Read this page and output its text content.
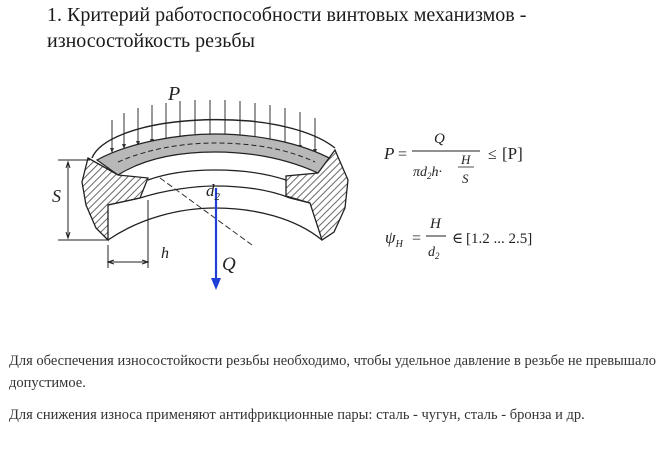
1. Критерий работоспособности винтовых механизмов - износостойкость резьбы
P
S
h
$d_2$
Q
P =
Q
$\pi d_2h\cdot$
H
S
≤ [P]
$\psi_H$ =
H
$d_2$
∈ [1.2 ... 2.5]
Для обеспечения износостойкости резьбы необходимо, чтобы удельное давление в резьбе не превышало допустимое.
Для снижения износа применяют антифрикционные пары: сталь - чугун, сталь - бронза и др.
